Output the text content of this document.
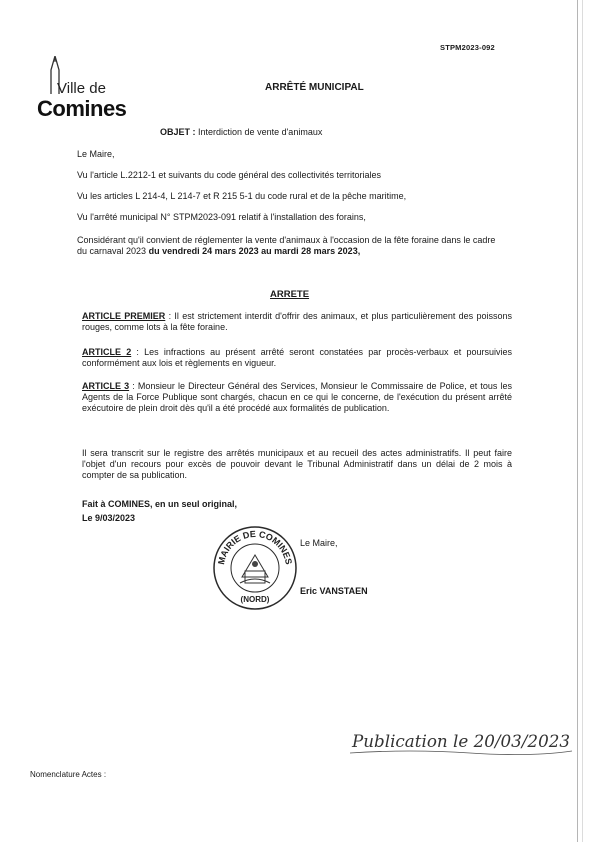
STPM2023-092
Ville de
Comines
ARRÊTÉ MUNICIPAL
OBJET : Interdiction de vente d'animaux
Le Maire,
Vu l'article L.2212-1 et suivants du code général des collectivités territoriales
Vu les articles L 214-4, L 214-7 et R 215 5-1 du code rural et de la pêche maritime,
Vu l'arrêté municipal N° STPM2023-091 relatif à l'installation des forains,
Considérant qu'il convient de réglementer la vente d'animaux à l'occasion de la fête foraine dans le cadre du carnaval 2023 du vendredi 24 mars 2023 au mardi 28 mars 2023,
ARRETE
ARTICLE PREMIER : Il est strictement interdit d'offrir des animaux, et plus particulièrement des poissons rouges, comme lots à la fête foraine.
ARTICLE 2 : Les infractions au présent arrêté seront constatées par procès-verbaux et poursuivies conformément aux lois et règlements en vigueur.
ARTICLE 3 : Monsieur le Directeur Général des Services, Monsieur le Commissaire de Police, et tous les Agents de la Force Publique sont chargés, chacun en ce qui le concerne, de l'exécution du présent arrêté exécutoire de plein droit dès qu'il a été procédé aux formalités de publication.
Il sera transcrit sur le registre des arrêtés municipaux et au recueil des actes administratifs. Il peut faire l'objet d'un recours pour excès de pouvoir devant le Tribunal Administratif dans un délai de 2 mois à compter de sa publication.
Fait à COMINES, en un seul original,
Le 9/03/2023
MAIRIE DE COMINES
(NORD)
Le Maire,
Eric VANSTAEN
Publication le 20/03/2023
Nomenclature Actes :
